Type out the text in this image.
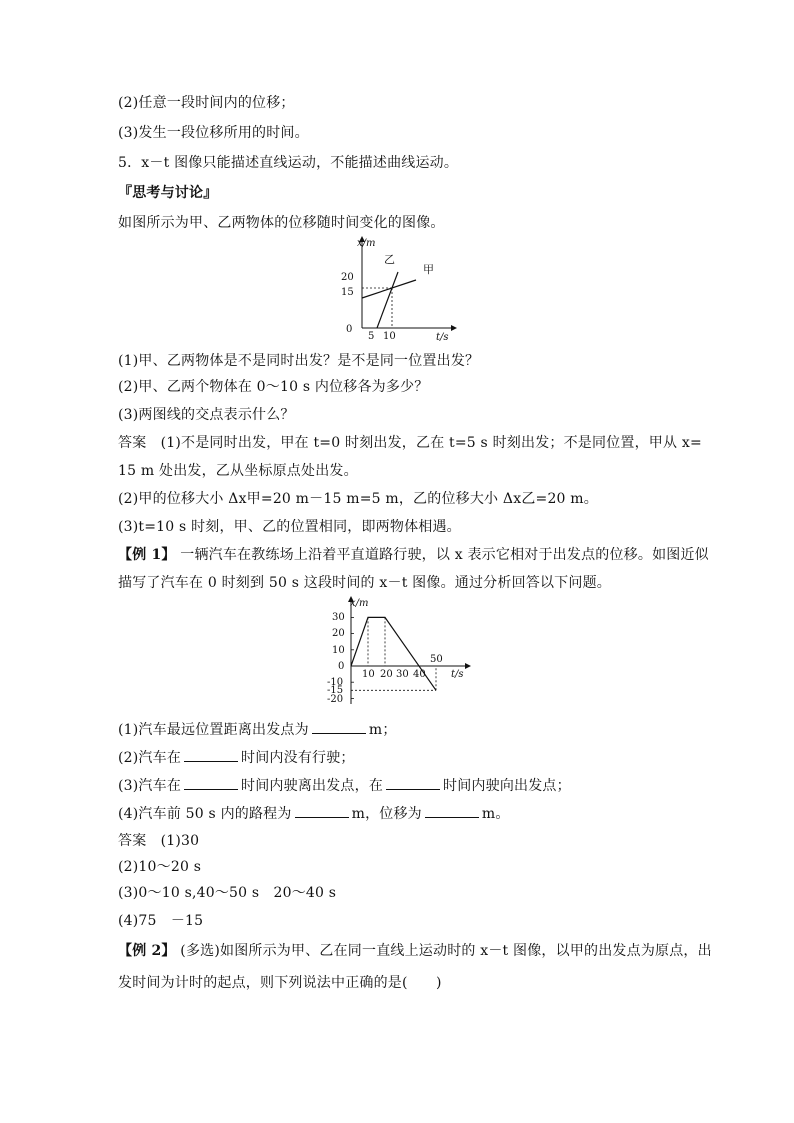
(2)任意一段时间内的位移；
(3)发生一段位移所用的时间。
5．x－t 图像只能描述直线运动，不能描述曲线运动。
『思考与讨论』
如图所示为甲、乙两物体的位移随时间变化的图像。
x/m
t/s
0
15
20
5 10
甲
乙
(1)甲、乙两物体是不是同时出发？是不是同一位置出发？
(2)甲、乙两个物体在 0～10 s 内位移各为多少？
(3)两图线的交点表示什么？
答案　(1)不是同时出发，甲在 t=0 时刻出发，乙在 t=5 s 时刻出发；不是同位置，甲从 x=
15 m 处出发，乙从坐标原点处出发。
(2)甲的位移大小 Δx甲=20 m－15 m=5 m，乙的位移大小 Δx乙=20 m。
(3)t=10 s 时刻，甲、乙的位置相同，即两物体相遇。
【例 1】 一辆汽车在教练场上沿着平直道路行驶，以 x 表示它相对于出发点的位移。如图近似
描写了汽车在 0 时刻到 50 s 这段时间的 x－t 图像。通过分析回答以下问题。
x/m
t/s
30
20
10
0
-10
-15
-20
10 20 30 40
50
(1)汽车最远位置距离出发点为	m；
(2)汽车在	时间内没有行驶；
(3)汽车在	时间内驶离出发点，在	时间内驶向出发点；
(4)汽车前 50 s 内的路程为	m，位移为	m。
答案　(1)30
(2)10～20 s
(3)0～10 s,40～50 s　20～40 s
(4)75　－15
【例 2】 (多选)如图所示为甲、乙在同一直线上运动时的 x－t 图像，以甲的出发点为原点，出
发时间为计时的起点，则下列说法中正确的是(　　)
